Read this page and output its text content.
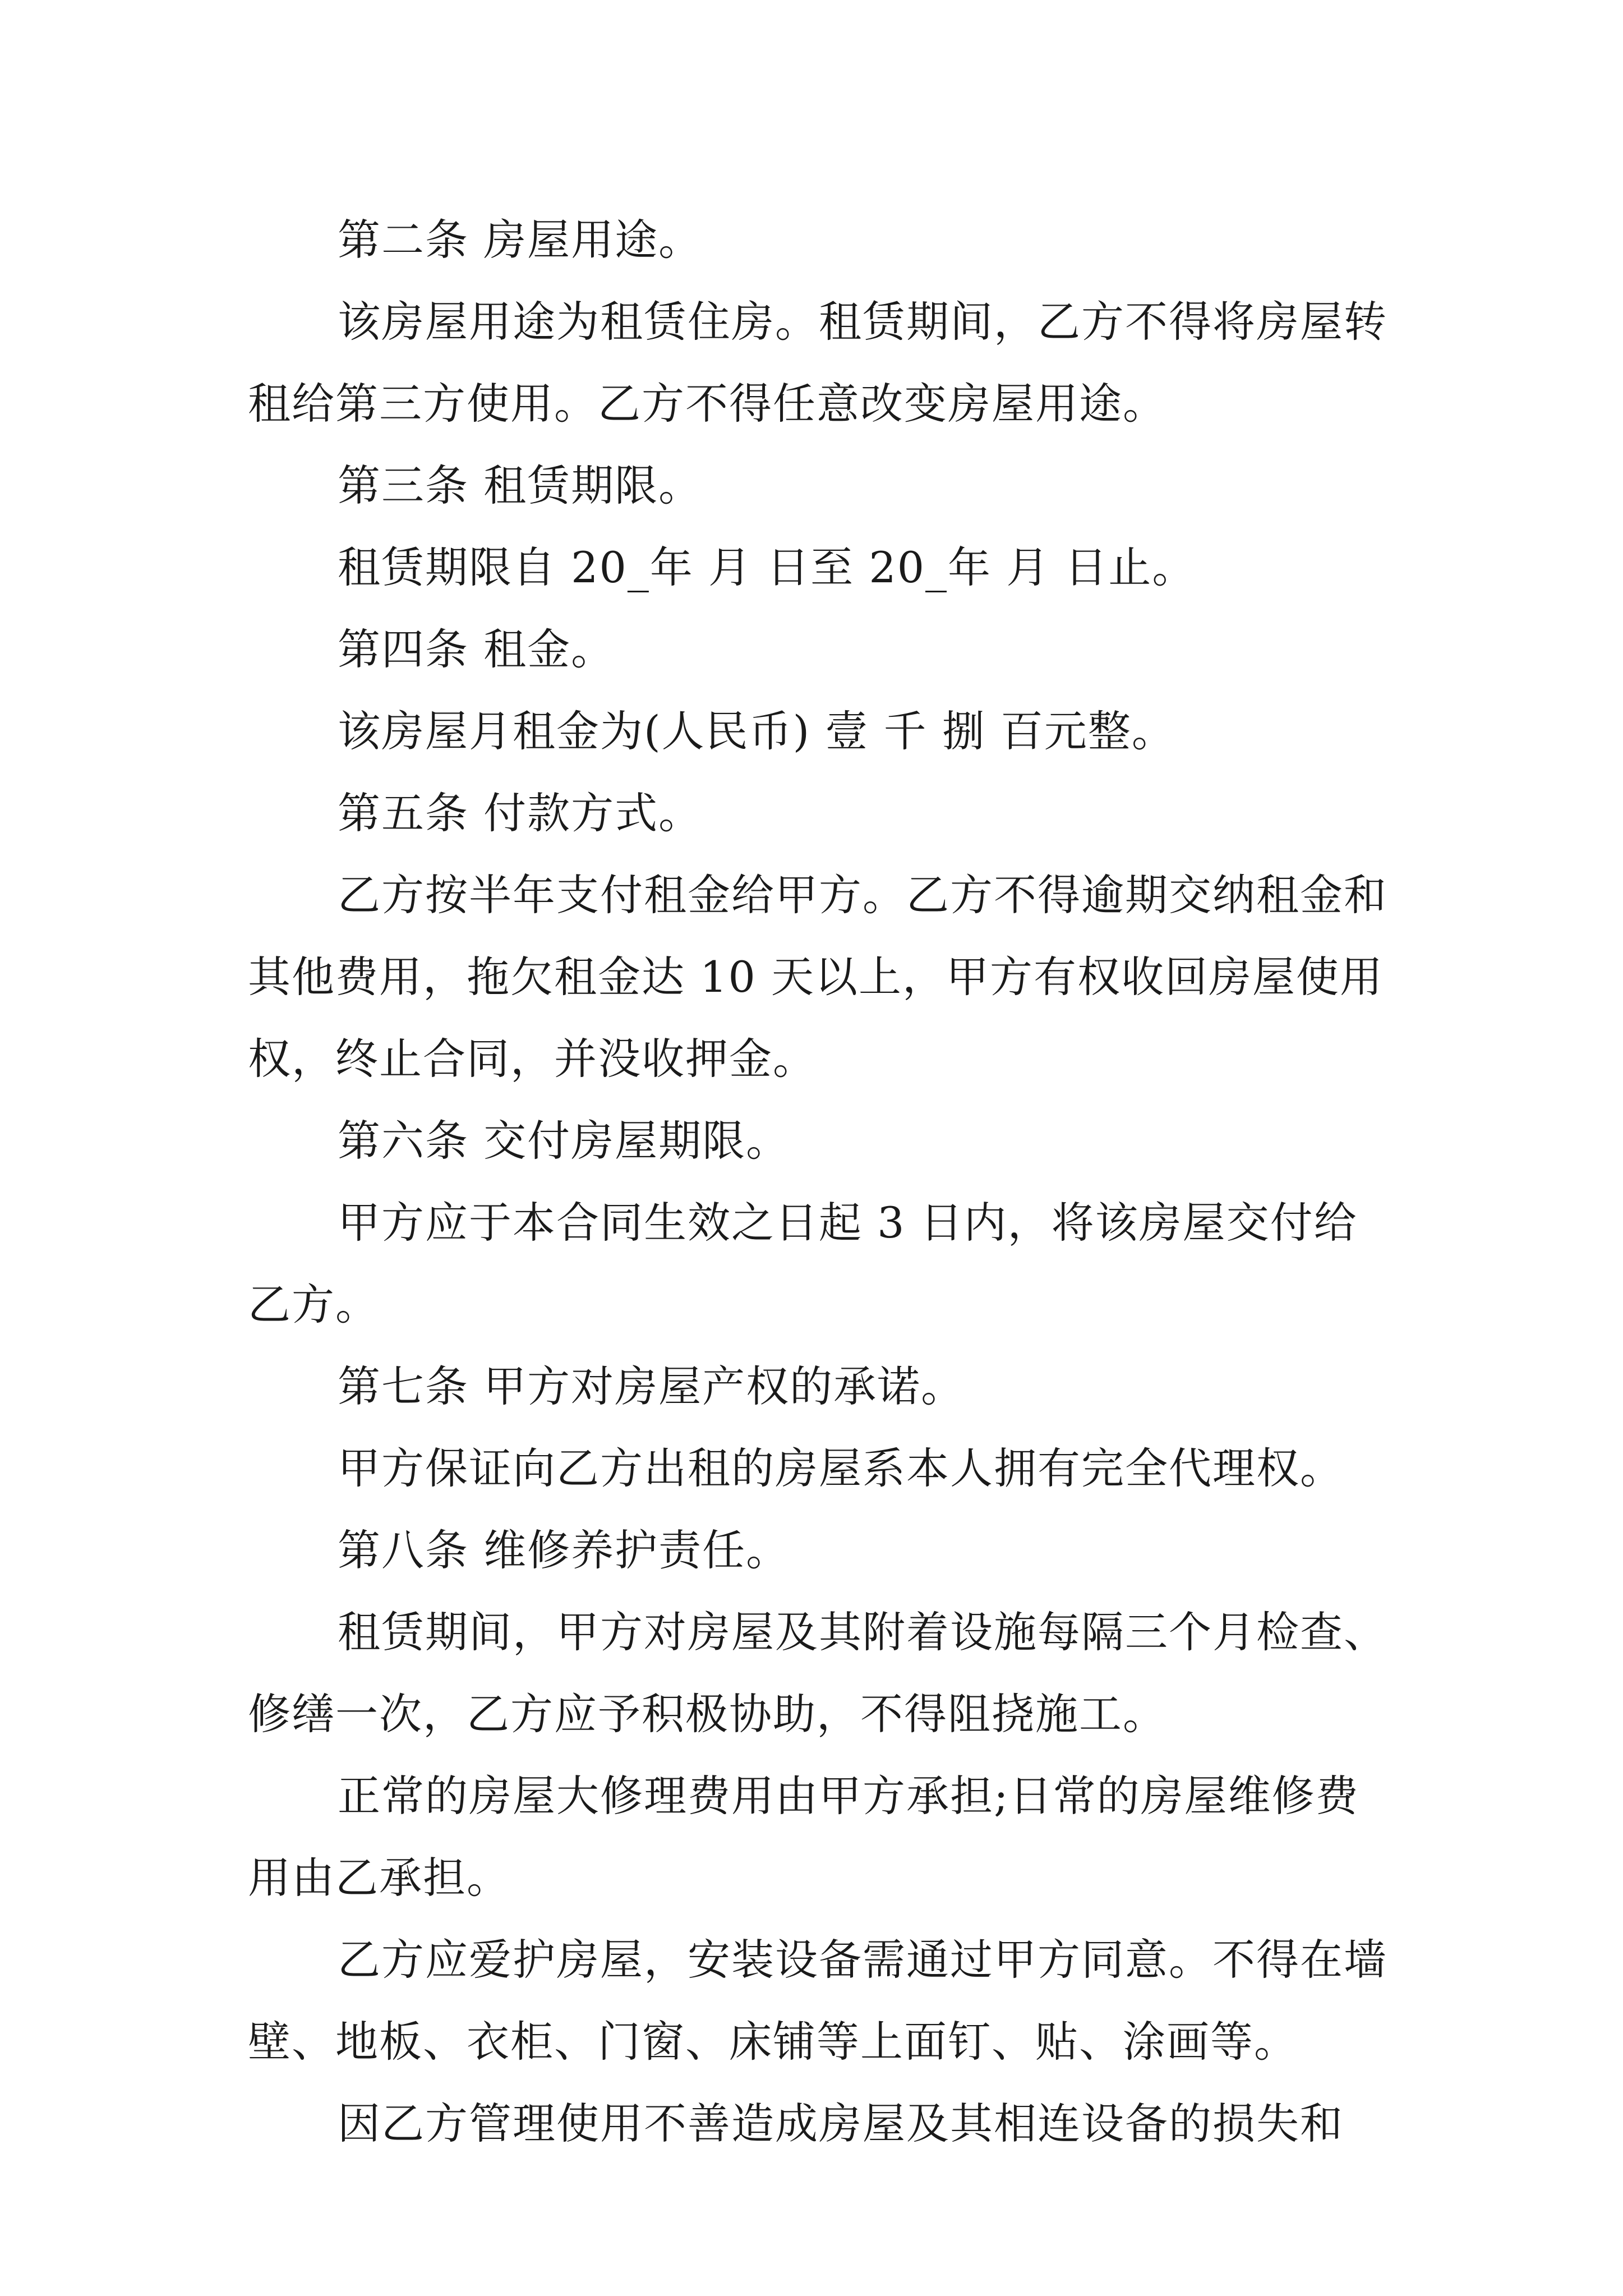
第二条 房屋用途。
该房屋用途为租赁住房。租赁期间，乙方不得将房屋转
租给第三方使用。乙方不得任意改变房屋用途。
第三条 租赁期限。
租赁期限自 20_年 月 日至 20_年 月 日止。
第四条 租金。
该房屋月租金为(人民币) 壹 千 捌 百元整。
第五条 付款方式。
乙方按半年支付租金给甲方。乙方不得逾期交纳租金和
其他费用，拖欠租金达 10 天以上，甲方有权收回房屋使用
权，终止合同，并没收押金。
第六条 交付房屋期限。
甲方应于本合同生效之日起 3 日内，将该房屋交付给
乙方。
第七条 甲方对房屋产权的承诺。
甲方保证向乙方出租的房屋系本人拥有完全代理权。
第八条 维修养护责任。
租赁期间，甲方对房屋及其附着设施每隔三个月检查、
修缮一次，乙方应予积极协助，不得阻挠施工。
正常的房屋大修理费用由甲方承担;日常的房屋维修费
用由乙承担。
乙方应爱护房屋，安装设备需通过甲方同意。不得在墙
壁、地板、衣柜、门窗、床铺等上面钉、贴、涂画等。
因乙方管理使用不善造成房屋及其相连设备的损失和
